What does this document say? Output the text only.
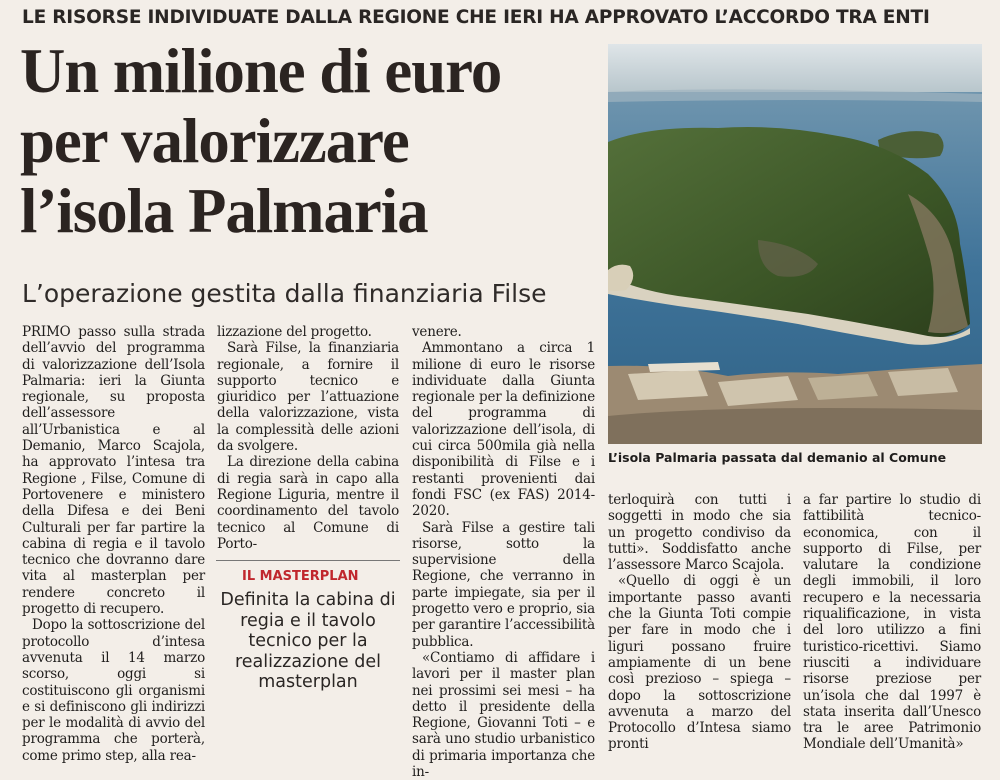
LE RISORSE INDIVIDUATE DALLA REGIONE CHE IERI HA APPROVATO L’ACCORDO TRA ENTI
Un milione di euro
per valorizzare
l’isola Palmaria
L’operazione gestita dalla finanziaria Filse

PRIMO passo sulla strada dell’avvio del programma di valorizzazione dell’Isola Palmaria: ieri la Giunta regionale, su proposta dell’assessore all’Urbanistica e al Demanio, Marco Scajola, ha approvato l’intesa tra Regione , Filse, Comune di Portovenere e ministero della Difesa e dei Beni Culturali per far partire la cabina di regia e il tavolo tecnico che dovranno dare vita al masterplan per rendere concreto il progetto di recupero.

Dopo la sottoscrizione del protocollo d’intesa avvenuta il 14 marzo scorso, oggi si costituiscono gli organismi e si definiscono gli indirizzi per le modalità di avvio del programma che porterà, come primo step, alla rea-

lizzazione del progetto.

Sarà Filse, la finanziaria regionale, a fornire il supporto tecnico e giuridico per l’attuazione della valorizzazione, vista la complessità delle azioni da svolgere.

La direzione della cabina di regia sarà in capo alla Regione Liguria, mentre il coordinamento del tavolo tecnico al Comune di Porto-

IL MASTERPLAN
Definita la cabina di regia e il tavolo tecnico per la realizzazione del masterplan

venere.

Ammontano a circa 1 milione di euro le risorse individuate dalla Giunta regionale per la definizione del programma di valorizzazione dell’isola, di cui circa 500mila già nella disponibilità di Filse e i restanti provenienti dai fondi FSC (ex FAS) 2014-2020.

Sarà Filse a gestire tali risorse, sotto la supervisione della Regione, che verranno in parte impiegate, sia per il progetto vero e proprio, sia per garantire l’accessibilità pubblica.

«Contiamo di affidare i lavori per il master plan nei prossimi sei mesi – ha detto il presidente della Regione, Giovanni Toti – e sarà uno studio urbanistico di primaria importanza che in-

L’isola Palmaria passata dal demanio al Comune

terloquirà con tutti i soggetti in modo che sia un progetto condiviso da tutti». Soddisfatto anche l’assessore Marco Scajola.

«Quello di oggi è un importante passo avanti che la Giunta Toti compie per fare in modo che i liguri possano fruire ampiamente di un bene così prezioso – spiega – dopo la sottoscrizione avvenuta a marzo del Protocollo d’Intesa siamo pronti

a far partire lo studio di fattibilità tecnico-economica, con il supporto di Filse, per valutare la condizione degli immobili, il loro recupero e la necessaria riqualificazione, in vista del loro utilizzo a fini turistico-ricettivi. Siamo riusciti a individuare risorse preziose per un’isola che dal 1997 è stata inserita dall’Unesco tra le aree Patrimonio Mondiale dell’Umanità»
